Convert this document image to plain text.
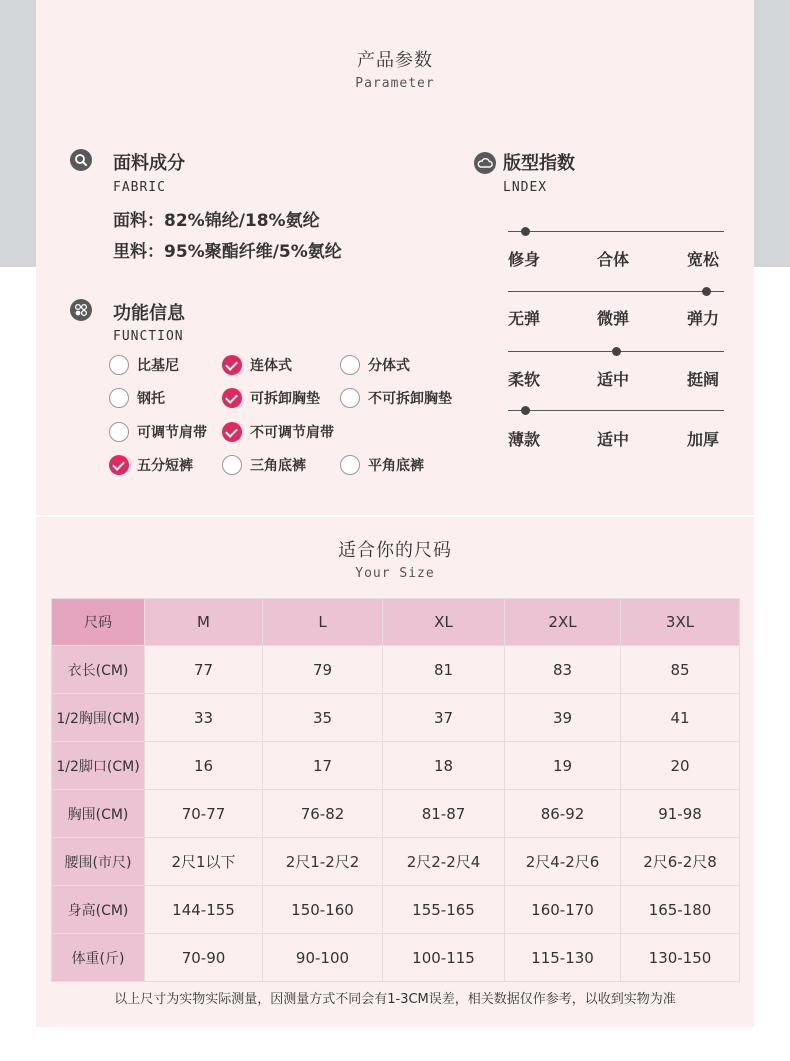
产品参数
Parameter
面料成分
FABRIC
面料：82%锦纶/18%氨纶
里料：95%聚酯纤维/5%氨纶
功能信息
FUNCTION
比基尼	连体式	分体式
钢托	可拆卸胸垫	不可拆卸胸垫
可调节肩带	不可调节肩带
五分短裤	三角底裤	平角底裤
版型指数
LNDEX
修身	合体	宽松
无弹	微弹	弹力
柔软	适中	挺阔
薄款	适中	加厚
适合你的尺码
Your Size
尺码	M	L	XL	2XL	3XL
衣长(CM)	77	79	81	83	85
1/2胸围(CM)	33	35	37	39	41
1/2脚口(CM)	16	17	18	19	20
胸围(CM)	70-77	76-82	81-87	86-92	91-98
腰围(市尺)	2尺1以下	2尺1-2尺2	2尺2-2尺4	2尺4-2尺6	2尺6-2尺8
身高(CM)	144-155	150-160	155-165	160-170	165-180
体重(斤)	70-90	90-100	100-115	115-130	130-150
以上尺寸为实物实际测量，因测量方式不同会有1-3CM误差，相关数据仅作参考，以收到实物为准
